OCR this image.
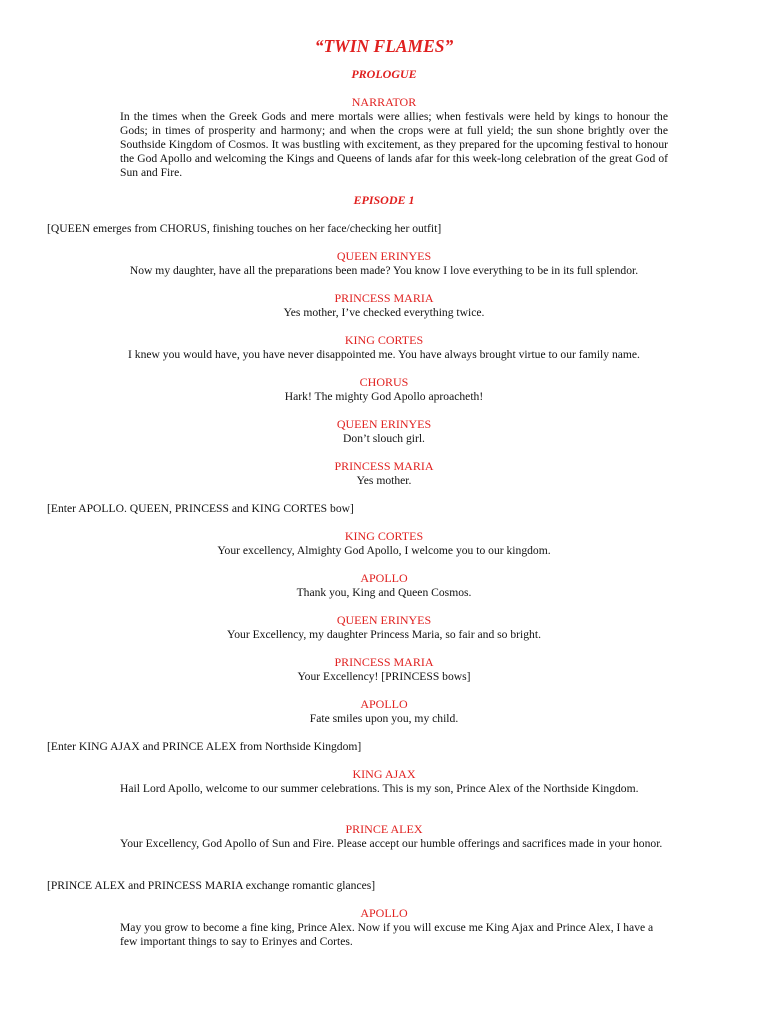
“TWIN FLAMES”
PROLOGUE
NARRATOR
In the times when the Greek Gods and mere mortals were allies; when festivals were held by kings to honour the Gods; in times of prosperity and harmony; and when the crops were at full yield; the sun shone brightly over the Southside Kingdom of Cosmos. It was bustling with excitement, as they prepared for the upcoming festival to honour the God Apollo and welcoming the Kings and Queens of lands afar for this week-long celebration of the great God of Sun and Fire.
EPISODE 1
[QUEEN emerges from CHORUS, finishing touches on her face/checking her outfit]
QUEEN ERINYES
Now my daughter, have all the preparations been made? You know I love everything to be in its full splendor.
PRINCESS MARIA
Yes mother, I’ve checked everything twice.
KING CORTES
I knew you would have, you have never disappointed me. You have always brought virtue to our family name.
CHORUS
Hark! The mighty God Apollo aproacheth!
QUEEN ERINYES
Don’t slouch girl.
PRINCESS MARIA
Yes mother.
[Enter APOLLO. QUEEN, PRINCESS and KING CORTES bow]
KING CORTES
Your excellency, Almighty God Apollo, I welcome you to our kingdom.
APOLLO
Thank you, King and Queen Cosmos.
QUEEN ERINYES
Your Excellency, my daughter Princess Maria, so fair and so bright.
PRINCESS MARIA
Your Excellency! [PRINCESS bows]
APOLLO
Fate smiles upon you, my child.
[Enter KING AJAX and PRINCE ALEX from Northside Kingdom]
KING AJAX
Hail Lord Apollo, welcome to our summer celebrations. This is my son, Prince Alex of the Northside Kingdom.
PRINCE ALEX
Your Excellency, God Apollo of Sun and Fire. Please accept our humble offerings and sacrifices made in your honor.
[PRINCE ALEX and PRINCESS MARIA exchange romantic glances]
APOLLO
May you grow to become a fine king, Prince Alex. Now if you will excuse me King Ajax and Prince Alex, I have a few important things to say to Erinyes and Cortes.
